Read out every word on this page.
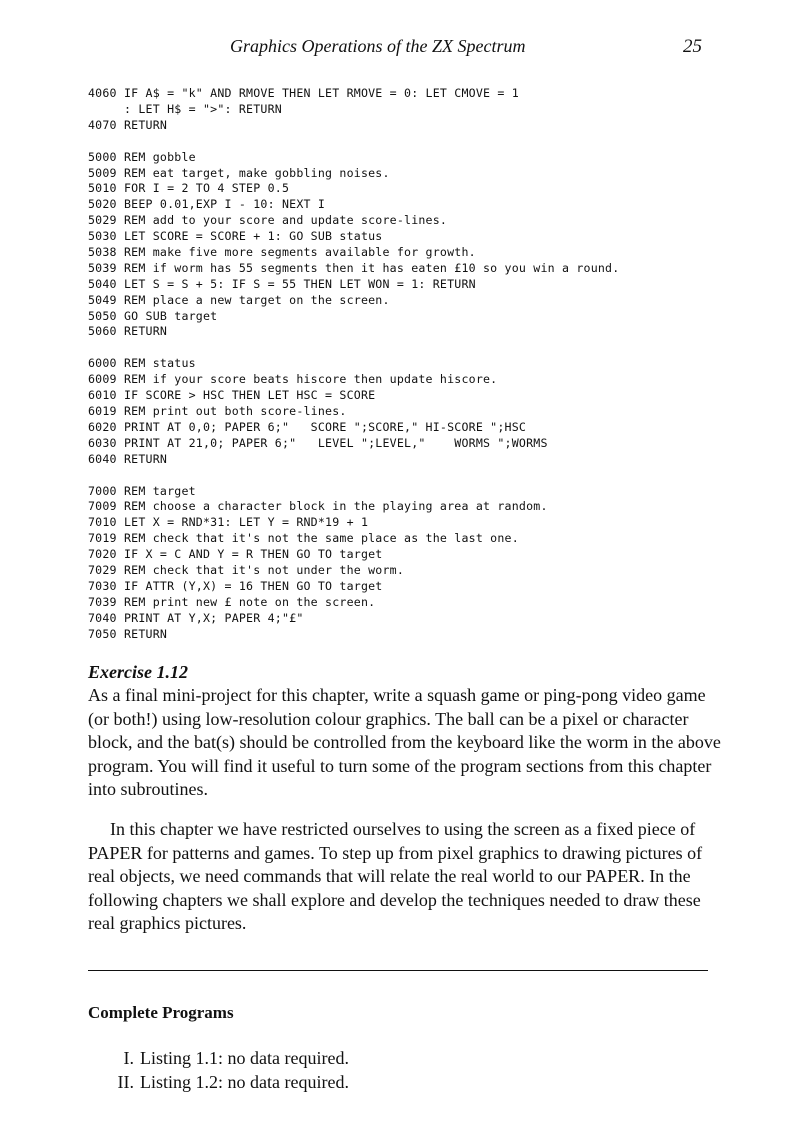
Graphics Operations of the ZX Spectrum	25
4060 IF A$ = "k" AND RMOVE THEN LET RMOVE = 0: LET CMOVE = 1
: LET H$ = ">": RETURN
4070 RETURN
5000 REM gobble
5009 REM eat target, make gobbling noises.
5010 FOR I = 2 TO 4 STEP 0.5
5020 BEEP 0.01,EXP I - 10: NEXT I
5029 REM add to your score and update score-lines.
5030 LET SCORE = SCORE + 1: GO SUB status
5038 REM make five more segments available for growth.
5039 REM if worm has 55 segments then it has eaten £10 so you win a round.
5040 LET S = S + 5: IF S = 55 THEN LET WON = 1: RETURN
5049 REM place a new target on the screen.
5050 GO SUB target
5060 RETURN
6000 REM status
6009 REM if your score beats hiscore then update hiscore.
6010 IF SCORE > HSC THEN LET HSC = SCORE
6019 REM print out both score-lines.
6020 PRINT AT 0,0; PAPER 6;"   SCORE ";SCORE," HI-SCORE ";HSC
6030 PRINT AT 21,0; PAPER 6;"   LEVEL ";LEVEL,"    WORMS ";WORMS
6040 RETURN
7000 REM target
7009 REM choose a character block in the playing area at random.
7010 LET X = RND*31: LET Y = RND*19 + 1
7019 REM check that it's not the same place as the last one.
7020 IF X = C AND Y = R THEN GO TO target
7029 REM check that it's not under the worm.
7030 IF ATTR (Y,X) = 16 THEN GO TO target
7039 REM print new £ note on the screen.
7040 PRINT AT Y,X; PAPER 4;"£"
7050 RETURN

Exercise 1.12

As a final mini-project for this chapter, write a squash game or ping-pong video game (or both!) using low-resolution colour graphics. The ball can be a pixel or character block, and the bat(s) should be controlled from the keyboard like the worm in the above program. You will find it useful to turn some of the program sections from this chapter into subroutines.

In this chapter we have restricted ourselves to using the screen as a fixed piece of PAPER for patterns and games. To step up from pixel graphics to drawing pictures of real objects, we need commands that will relate the real world to our PAPER. In the following chapters we shall explore and develop the techniques needed to draw these real graphics pictures.

Complete Programs

I. Listing 1.1: no data required.
II. Listing 1.2: no data required.
